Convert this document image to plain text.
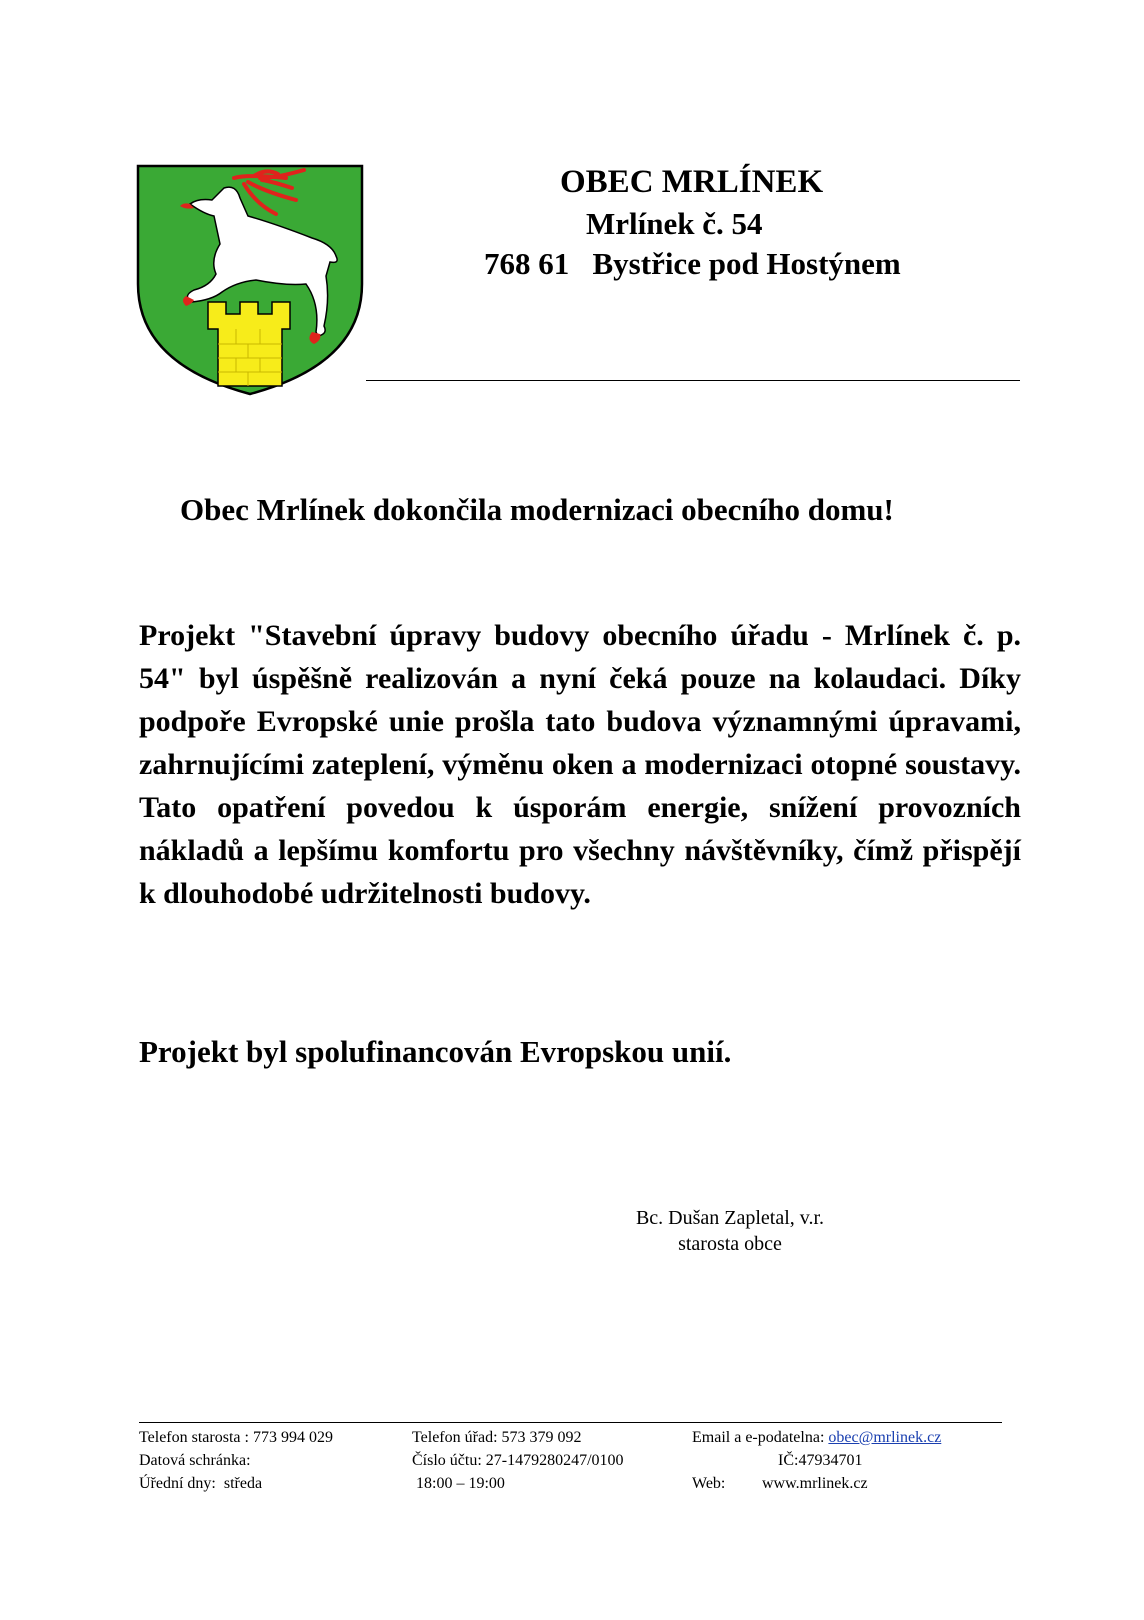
OBEC MRLÍNEK
Mrlínek č. 54
768 61   Bystřice pod Hostýnem
Obec Mrlínek dokončila modernizaci obecního domu!

Projekt "Stavební úpravy budovy obecního úřadu - Mrlínek č. p. 54" byl úspěšně realizován a nyní čeká pouze na kolaudaci. Díky podpoře Evropské unie prošla tato budova významnými úpravami, zahrnujícími zateplení, výměnu oken a modernizaci otopné soustavy. Tato opatření povedou k úsporám energie, snížení provozních nákladů a lepšímu komfortu pro všechny návštěvníky, čímž přispějí k dlouhodobé udržitelnosti budovy.

Projekt byl spolufinancován Evropskou unií.
Bc. Dušan Zapletal, v.r.
starosta obce
Telefon starosta : 773 994 029
Datová schránka:
Úřední dny:  středa
Telefon úřad: 573 379 092
Číslo účtu: 27-1479280247/0100
18:00 – 19:00
Email a e-podatelna: obec@mrlinek.cz
IČ:47934701
Web: www.mrlinek.cz
